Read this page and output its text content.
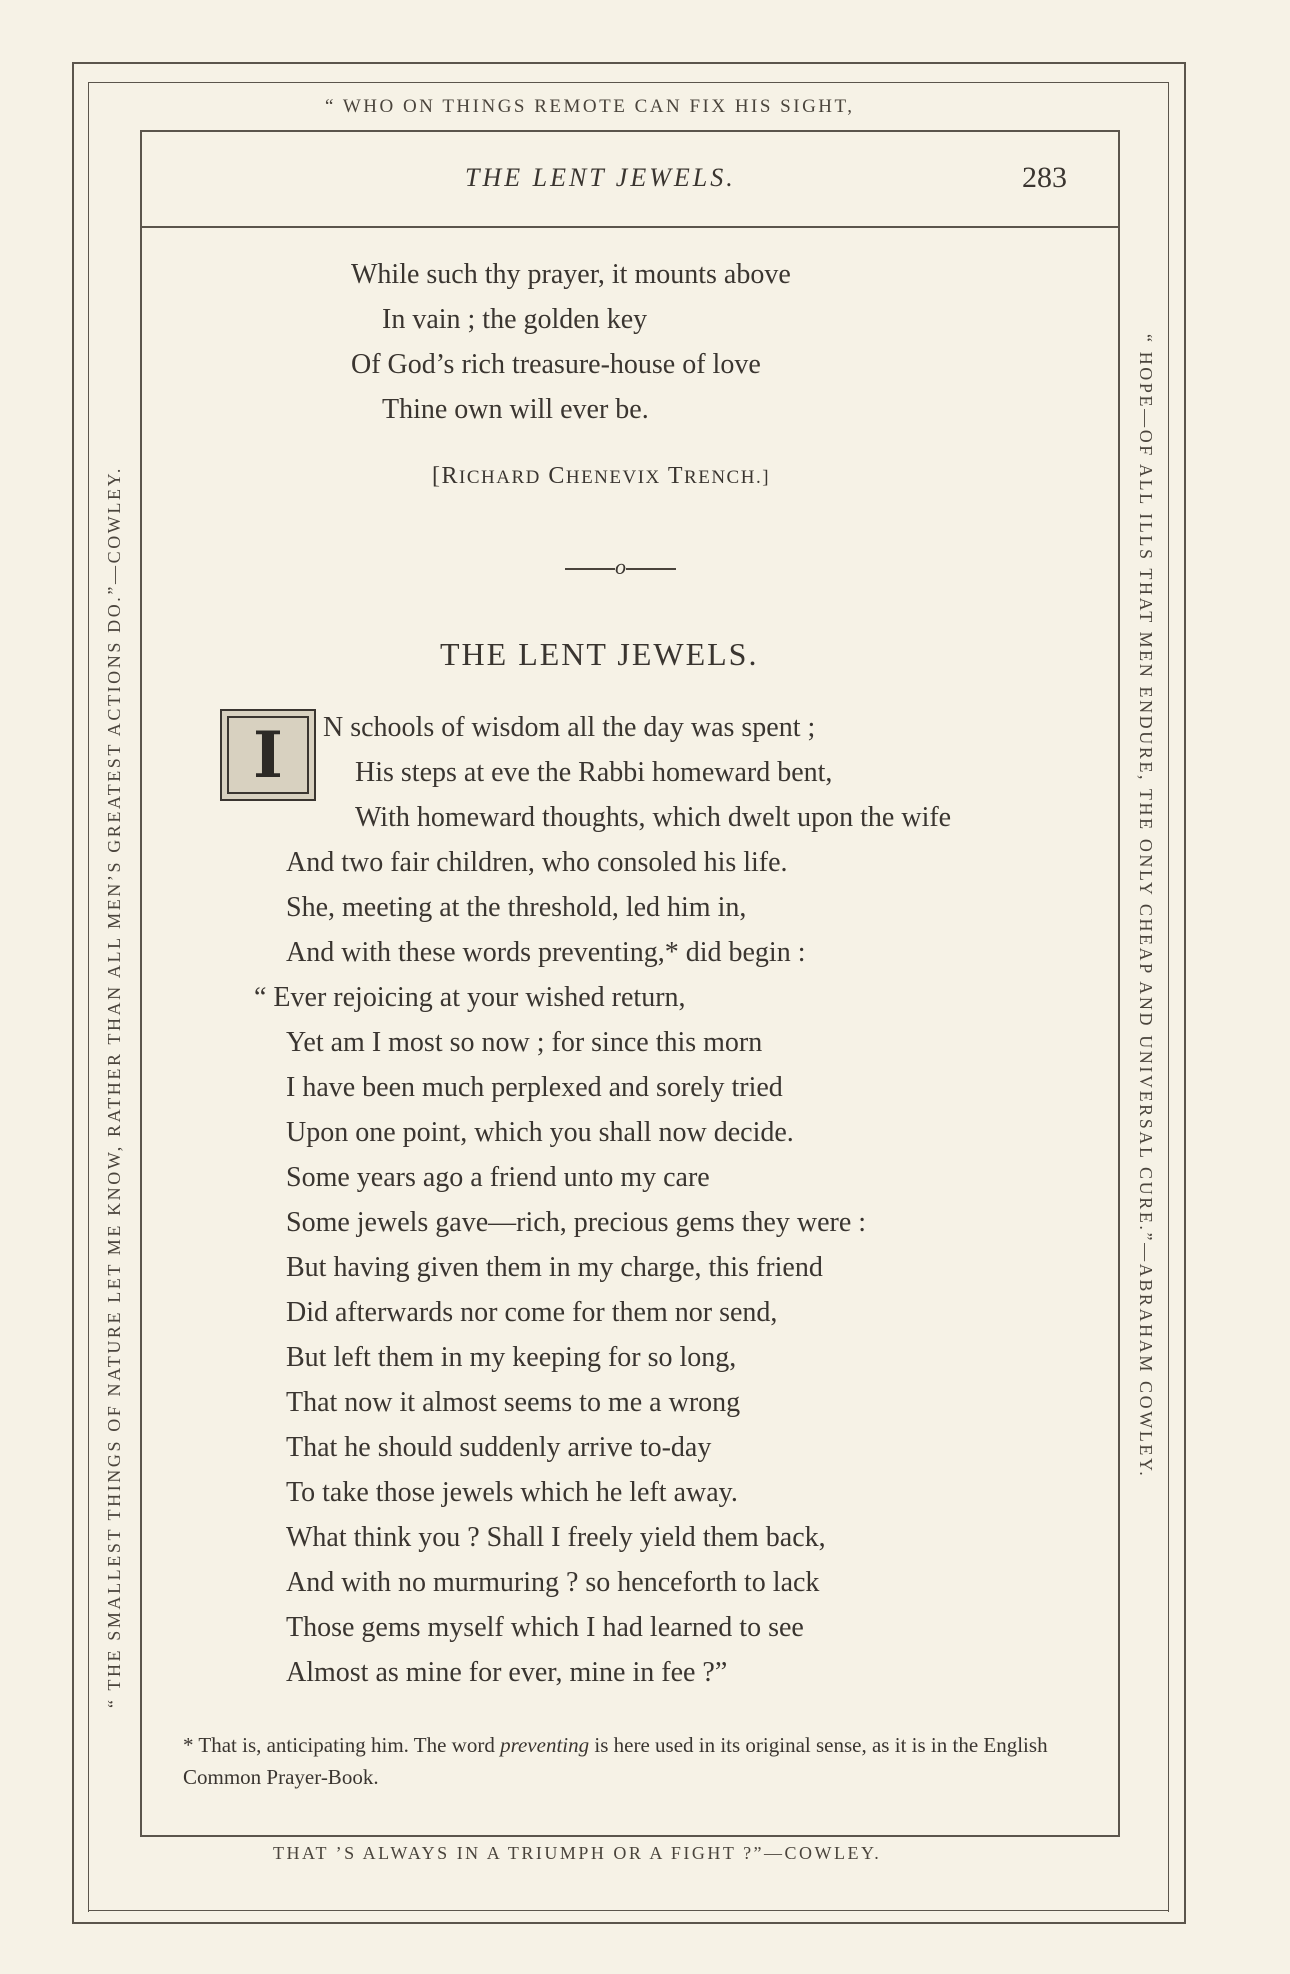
“ WHO ON THINGS REMOTE CAN FIX HIS SIGHT,
“ THE SMALLEST THINGS OF NATURE LET ME KNOW, RATHER THAN ALL MEN’S GREATEST ACTIONS DO.”—COWLEY.	“ HOPE—OF ALL ILLS THAT MEN ENDURE, THE ONLY CHEAP AND UNIVERSAL CURE.”—ABRAHAM COWLEY.
THAT ’S ALWAYS IN A TRIUMPH OR A FIGHT ?”—COWLEY.
THE LENT JEWELS.	283
While such thy prayer, it mounts above
In vain ; the golden key
Of God’s rich treasure-house of love
Thine own will ever be.
[RICHARD CHENEVIX TRENCH.]
o
THE LENT JEWELS.
I	N schools of wisdom all the day was spent ;
His steps at eve the Rabbi homeward bent,
With homeward thoughts, which dwelt upon the wife
And two fair children, who consoled his life.
She, meeting at the threshold, led him in,
And with these words preventing,* did begin :
“ Ever rejoicing at your wished return,
Yet am I most so now ; for since this morn
I have been much perplexed and sorely tried
Upon one point, which you shall now decide.
Some years ago a friend unto my care
Some jewels gave—rich, precious gems they were :
But having given them in my charge, this friend
Did afterwards nor come for them nor send,
But left them in my keeping for so long,
That now it almost seems to me a wrong
That he should suddenly arrive to-day
To take those jewels which he left away.
What think you ? Shall I freely yield them back,
And with no murmuring ? so henceforth to lack
Those gems myself which I had learned to see
Almost as mine for ever, mine in fee ?”
* That is, anticipating him. The word preventing is here used in its original sense, as it is in the English Common Prayer-Book.
